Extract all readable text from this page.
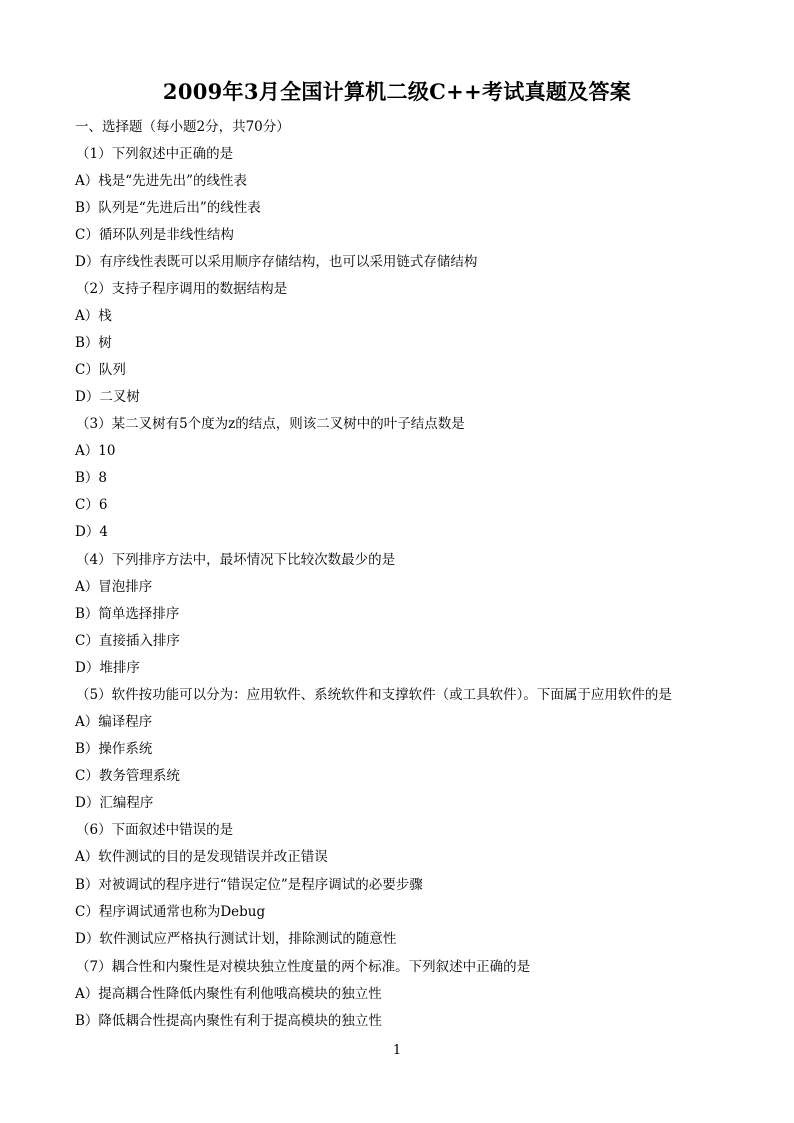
2009年3月全国计算机二级C++考试真题及答案
一、选择题（每小题2分，共70分）
（1）下列叙述中正确的是
A）栈是“先进先出”的线性表
B）队列是“先进后出”的线性表
C）循环队列是非线性结构
D）有序线性表既可以采用顺序存储结构，也可以采用链式存储结构
（2）支持子程序调用的数据结构是
A）栈
B）树
C）队列
D）二叉树
（3）某二叉树有5个度为z的结点，则该二叉树中的叶子结点数是
A）10
B）8
C）6
D）4
（4）下列排序方法中，最坏情况下比较次数最少的是
A）冒泡排序
B）简单选择排序
C）直接插入排序
D）堆排序
（5）软件按功能可以分为：应用软件、系统软件和支撑软件（或工具软件）。下面属于应用软件的是
A）编译程序
B）操作系统
C）教务管理系统
D）汇编程序
（6）下面叙述中错误的是
A）软件测试的目的是发现错误并改正错误
B）对被调试的程序进行“错误定位”是程序调试的必要步骤
C）程序调试通常也称为Debug
D）软件测试应严格执行测试计划，排除测试的随意性
（7）耦合性和内聚性是对模块独立性度量的两个标准。下列叙述中正确的是
A）提高耦合性降低内聚性有利他哦高模块的独立性
B）降低耦合性提高内聚性有利于提高模块的独立性
1
